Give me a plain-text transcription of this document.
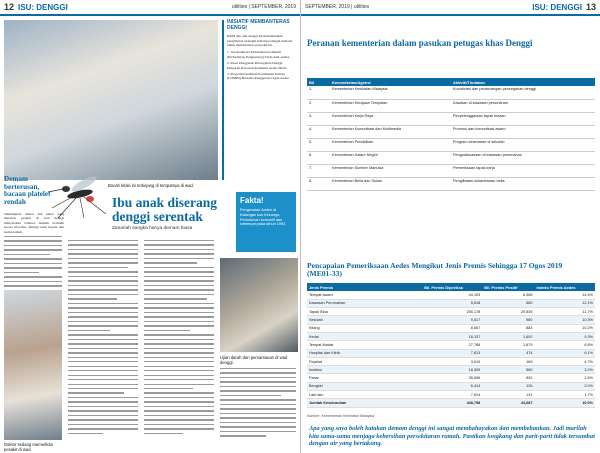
12 ISU: DENGGI	utilities | SEPTEMBER, 2019
Bocah lelaki ini terkejang di tempatnya di wad.
INISIATIF MEMBANTERAS DENGGI
KKM dan unit denggi telah memulakan penglibatan strategik melalui pelbagai inisiatif untuk membanteras penyakit ini.
1. Jawatankuasa Pertubuhan Komuniti (Perbadanan, Pengurusan) Tiada Anti-Aedes
2. Pusat Penggerak Pencegahan Denggi Pengarah Kawasan Komuniti Aedes Muda
3. Program Kesihatan Perumahan Umum (COMBI) Bersama Penggerak Cegah Aedes
Demam berterusan, bacaan platelet rendah
Sekumpulan doktor dan pakar yang merawat pesakit di wad denggi menyatakan bahawa demam bermula secara tiba-tiba, diiringi sakit kepala dan badan lemah.
Doktor sedang memeriksa pesakit di wad.
Ibu anak diserang denggi serentak
Zanariah sangka hanya demam biasa
Fakta!
Pengenalan Aedes di Kalangan kos Keluarga, Pertubuhan komuniti dan setempat pada tahun 1992.
Ujian darah dan pemantauan di wad denggi.
SEPTEMBER, 2019 | utilities	ISU: DENGGI 13
Peranan kementerian dalam pasukan petugas khas Denggi
Bil	Kementerian/Agensi	Aktiviti/Tindakan
1.	Kementerian Kesihatan Malaysia	Koordinasi dan perancangan pencegahan denggi
2.	Kementerian Kerajaan Tempatan	Kawalan di kawasan perumahan
3.	Kementerian Kerja Raya	Penyelenggaraan tapak binaan
4.	Kementerian Komunikasi dan Multimedia	Promosi dan komunikasi awam
5.	Kementerian Pendidikan	Program kesedaran di sekolah
6.	Kementerian Dalam Negeri	Penguatkuasaan di kawasan perumahan
7.	Kementerian Sumber Manusia	Pemeriksaan tapak kerja
8.	Kementerian Belia dan Sukan	Penglibatan sukarelawan belia
Pencapaian Pemeriksaan Aedes Mengikut Jenis Premis Sehingga 17 Ogos 2019 (ME01-33)
Jenis Premis	Bil. Premis Diperiksa	Bil. Premis Positif	Indeks Premis Aedes
Tempat awam	44,193	6,365	14.4%
Kawasan Perumahan	5,618	680	12.1%
Tapak Bina	255,178	29,835	11.7%
Sekolah	9,517	980	10.3%
Kilang	8,667	883	10.2%
Kedai	18,137	1,692	9.3%
Tempat Ibadat	27,786	1,879	6.8%
Hospital dan Klinik	7,813	474	6.1%
Pejabat	3,616	169	4.7%
Institusi	18,309	580	3.2%
Pasar	35,696	892	2.5%
Bengkel	6,414	126	2.0%
Lain-lain	7,814	131	1.7%
Jumlah Keseluruhan	448,758	44,687	10.0%
Sumber: Kementerian Kesihatan Malaysia
Apa yang saya boleh katakan demam denggi ini sangat membahayakan dan membebankan. Jadi marilah kita sama-sama menjaga kebersihan persekitaran rumah. Pastikan longkang dan parit-parit tidak tersumbat dengan air yang bertakung.
